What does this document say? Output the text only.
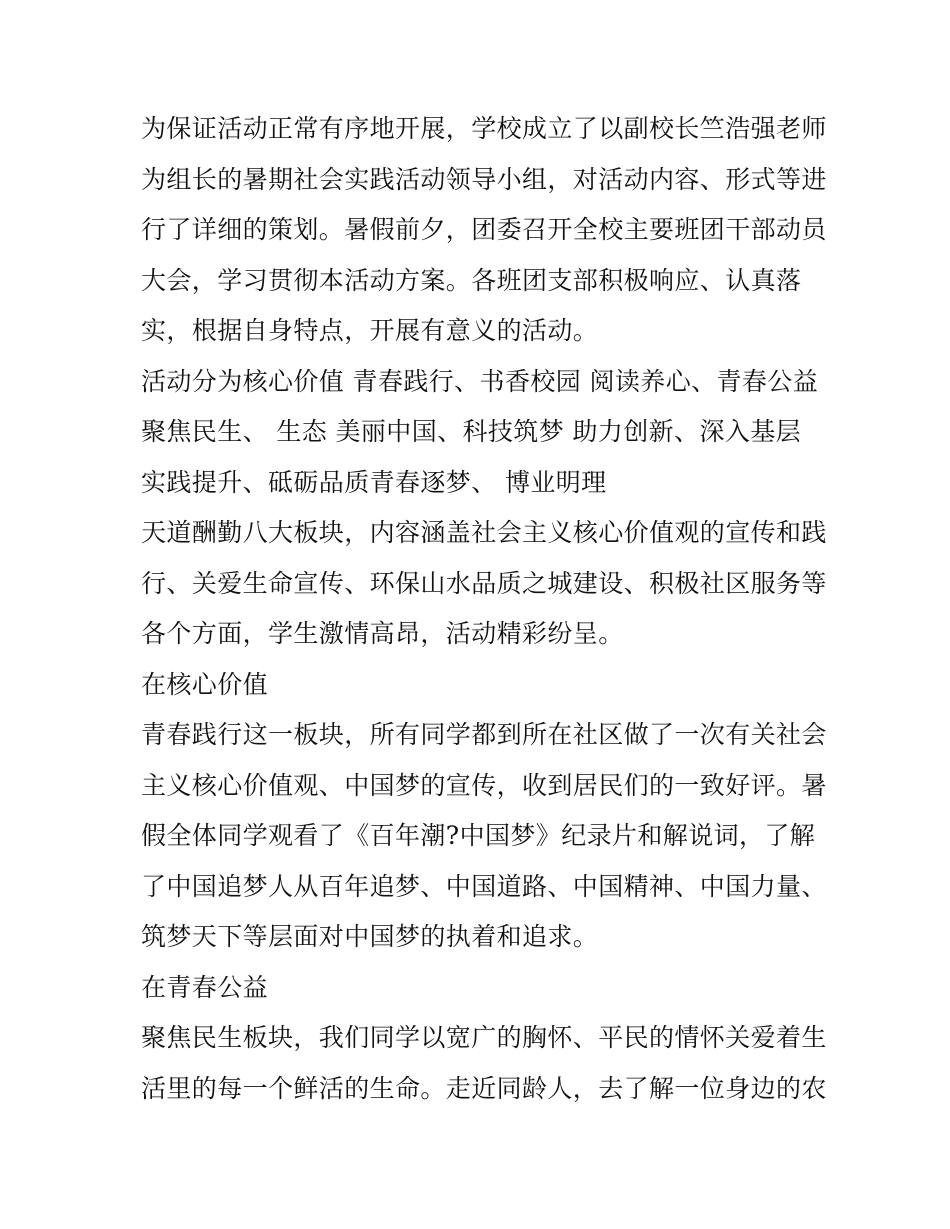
为保证活动正常有序地开展，学校成立了以副校长竺浩强老师
为组长的暑期社会实践活动领导小组，对活动内容、形式等进
行了详细的策划。暑假前夕，团委召开全校主要班团干部动员
大会，学习贯彻本活动方案。各班团支部积极响应、认真落
实，根据自身特点，开展有意义的活动。
活动分为核心价值 青春践行、书香校园 阅读养心、青春公益
聚焦民生、 生态 美丽中国、科技筑梦 助力创新、深入基层
实践提升、砥砺品质青春逐梦、 博业明理
天道酬勤八大板块，内容涵盖社会主义核心价值观的宣传和践
行、关爱生命宣传、环保山水品质之城建设、积极社区服务等
各个方面，学生激情高昂，活动精彩纷呈。
在核心价值
青春践行这一板块，所有同学都到所在社区做了一次有关社会
主义核心价值观、中国梦的宣传，收到居民们的一致好评。暑
假全体同学观看了《百年潮?中国梦》纪录片和解说词，了解
了中国追梦人从百年追梦、中国道路、中国精神、中国力量、
筑梦天下等层面对中国梦的执着和追求。
在青春公益
聚焦民生板块，我们同学以宽广的胸怀、平民的情怀关爱着生
活里的每一个鲜活的生命。走近同龄人，去了解一位身边的农
